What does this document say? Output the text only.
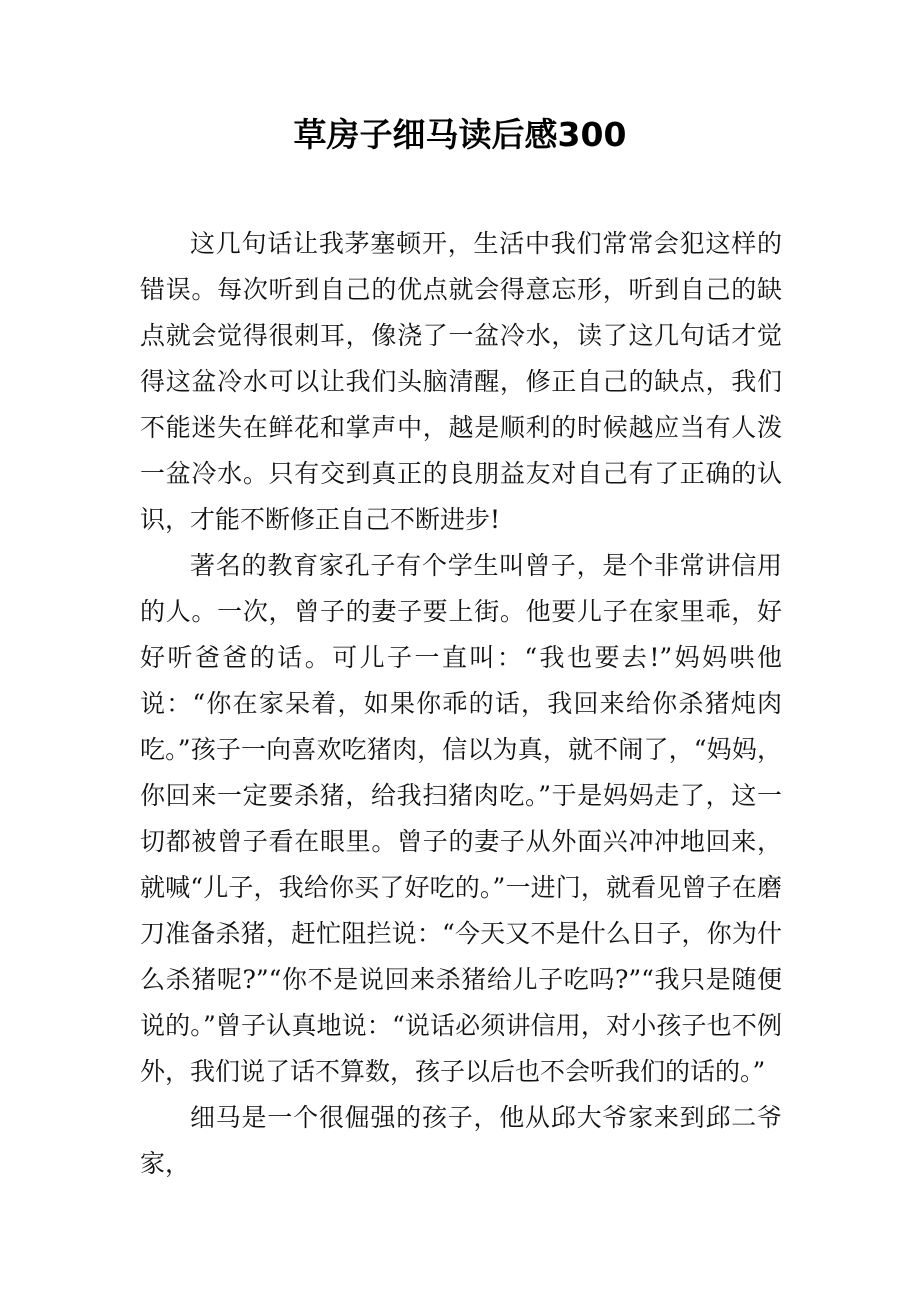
草房子细马读后感300

这几句话让我茅塞顿开，生活中我们常常会犯这样的错误。每次听到自己的优点就会得意忘形，听到自己的缺点就会觉得很刺耳，像浇了一盆冷水，读了这几句话才觉得这盆冷水可以让我们头脑清醒，修正自己的缺点，我们不能迷失在鲜花和掌声中，越是顺利的时候越应当有人泼一盆冷水。只有交到真正的良朋益友对自己有了正确的认识，才能不断修正自己不断进步!

著名的教育家孔子有个学生叫曾子，是个非常讲信用的人。一次，曾子的妻子要上街。他要儿子在家里乖，好好听爸爸的话。可儿子一直叫：“我也要去!”妈妈哄他说：“你在家呆着，如果你乖的话，我回来给你杀猪炖肉吃。”孩子一向喜欢吃猪肉，信以为真，就不闹了，“妈妈，你回来一定要杀猪，给我扫猪肉吃。”于是妈妈走了，这一切都被曾子看在眼里。曾子的妻子从外面兴冲冲地回来，就喊“儿子，我给你买了好吃的。”一进门，就看见曾子在磨刀准备杀猪，赶忙阻拦说：“今天又不是什么日子，你为什么杀猪呢?”“你不是说回来杀猪给儿子吃吗?”“我只是随便说的。”曾子认真地说：“说话必须讲信用，对小孩子也不例外，我们说了话不算数，孩子以后也不会听我们的话的。”

细马是一个很倔强的孩子，他从邱大爷家来到邱二爷家，
